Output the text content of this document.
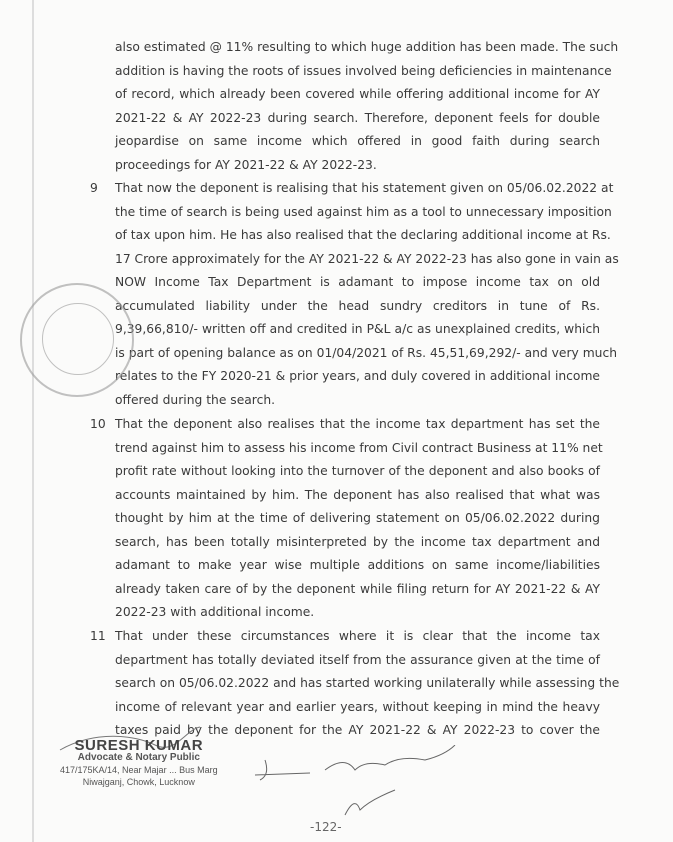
also estimated @ 11% resulting to which huge addition has been made. The such
addition is having the roots of issues involved being deficiencies in maintenance
of record, which already been covered while offering additional income for AY
2021-22 & AY 2022-23 during search. Therefore, deponent feels for double
jeopardise on same income which offered in good faith during search
proceedings for AY 2021-22 & AY 2022-23.
9 That now the deponent is realising that his statement given on 05/06.02.2022 at
the time of search is being used against him as a tool to unnecessary imposition
of tax upon him. He has also realised that the declaring additional income at Rs.
17 Crore approximately for the AY 2021-22 & AY 2022-23 has also gone in vain as
NOW Income Tax Department is adamant to impose income tax on old
accumulated liability under the head sundry creditors in tune of Rs.
9,39,66,810/- written off and credited in P&L a/c as unexplained credits, which
is part of opening balance as on 01/04/2021 of Rs. 45,51,69,292/- and very much
relates to the FY 2020-21 & prior years, and duly covered in additional income
offered during the search.
10 That the deponent also realises that the income tax department has set the
trend against him to assess his income from Civil contract Business at 11% net
profit rate without looking into the turnover of the deponent and also books of
accounts maintained by him. The deponent has also realised that what was
thought by him at the time of delivering statement on 05/06.02.2022 during
search, has been totally misinterpreted by the income tax department and
adamant to make year wise multiple additions on same income/liabilities
already taken care of by the deponent while filing return for AY 2021-22 & AY
2022-23 with additional income.
11 That under these circumstances where it is clear that the income tax
department has totally deviated itself from the assurance given at the time of
search on 05/06.02.2022 and has started working unilaterally while assessing the
income of relevant year and earlier years, without keeping in mind the heavy
taxes paid by the deponent for the AY 2021-22 & AY 2022-23 to cover the
SURESH KUMAR
Advocate & Notary Public
417/175KA/14, Near Majar ... Bus Marg
Niwajganj, Chowk, Lucknow
-122-
